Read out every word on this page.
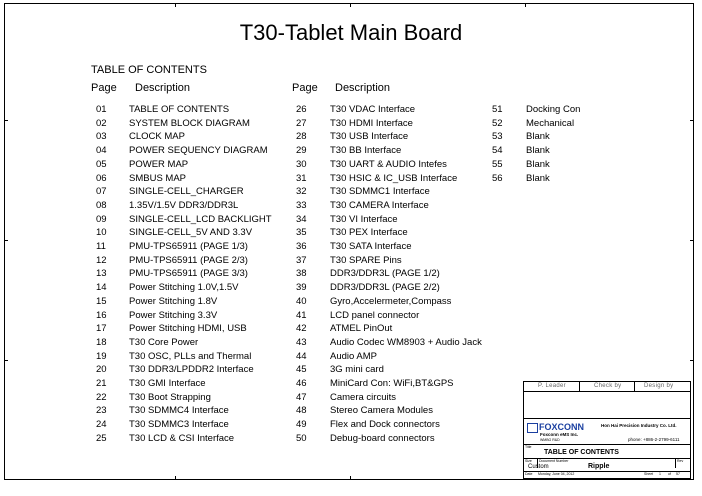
T30-Tablet Main Board
TABLE OF CONTENTS
Page Description	Page Description
01 TABLE OF CONTENTS
02 SYSTEM BLOCK DIAGRAM
03 CLOCK MAP
04 POWER SEQUENCY DIAGRAM
05 POWER MAP
06 SMBUS MAP
07 SINGLE-CELL_CHARGER
08 1.35V/1.5V DDR3/DDR3L
09 SINGLE-CELL_LCD BACKLIGHT
10 SINGLE-CELL_5V AND 3.3V
11 PMU-TPS65911 (PAGE 1/3)
12 PMU-TPS65911 (PAGE 2/3)
13 PMU-TPS65911 (PAGE 3/3)
14 Power Stitching 1.0V,1.5V
15 Power Stitching 1.8V
16 Power Stitching 3.3V
17 Power Stitching HDMI, USB
18 T30 Core Power
19 T30 OSC, PLLs and Thermal
20 T30 DDR3/LPDDR2 Interface
21 T30 GMI Interface
22 T30 Boot Strapping
23 T30 SDMMC4 Interface
24 T30 SDMMC3 Interface
25 T30 LCD & CSI Interface
26 T30 VDAC Interface
27 T30 HDMI Interface
28 T30 USB Interface
29 T30 BB Interface
30 T30 UART & AUDIO Intefes
31 T30 HSIC & IC_USB Interface
32 T30 SDMMC1 Interface
33 T30 CAMERA Interface
34 T30 VI Interface
35 T30 PEX Interface
36 T30 SATA Interface
37 T30 SPARE Pins
38 DDR3/DDR3L (PAGE 1/2)
39 DDR3/DDR3L (PAGE 2/2)
40 Gyro,Accelermeter,Compass
41 LCD panel connector
42 ATMEL PinOut
43 Audio Codec WM8903 + Audio Jack
44 Audio AMP
45 3G mini card
46 MiniCard Con: WiFi,BT&GPS
47 Camera circuits
48 Stereo Camera Modules
49 Flex and Dock connectors
50 Debug-board connectors
51 Docking Con
52 Mechanical
53 Blank
54 Blank
55 Blank
56 Blank
P. Leader	Check by	Design by
FOXCONN
Foxconn eMS Inc.
WMBG R&D
Hon Hai Precision Industry Co. Ltd.
phone: +886-2-2799-6111
Title
TABLE OF CONTENTS
Size Document Number	Rev
Custom	Ripple
Date Monday, June 04, 2012	Sheet 1 of 57
